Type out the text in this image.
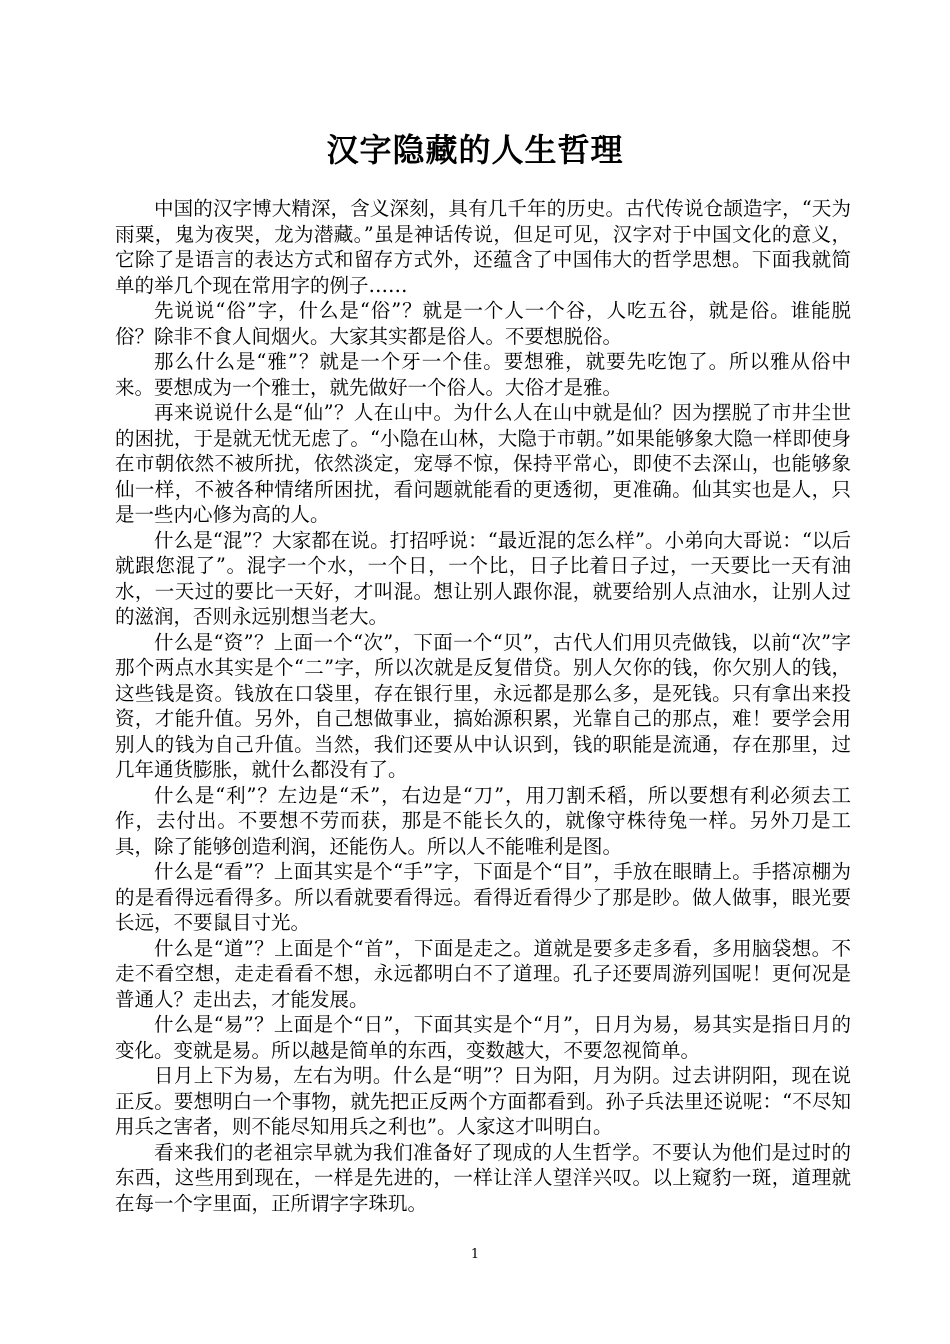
汉字隐藏的人生哲理

中国的汉字博大精深，含义深刻，具有几千年的历史。古代传说仓颉造字，“天为雨粟，鬼为夜哭，龙为潜藏。”虽是神话传说，但足可见，汉字对于中国文化的意义，它除了是语言的表达方式和留存方式外，还蕴含了中国伟大的哲学思想。下面我就简单的举几个现在常用字的例子……

先说说“俗”字，什么是“俗”？就是一个人一个谷，人吃五谷，就是俗。谁能脱俗？除非不食人间烟火。大家其实都是俗人。不要想脱俗。

那么什么是“雅”？就是一个牙一个佳。要想雅，就要先吃饱了。所以雅从俗中来。要想成为一个雅士，就先做好一个俗人。大俗才是雅。

再来说说什么是“仙”？人在山中。为什么人在山中就是仙？因为摆脱了市井尘世的困扰，于是就无忧无虑了。“小隐在山林，大隐于市朝。”如果能够象大隐一样即使身在市朝依然不被所扰，依然淡定，宠辱不惊，保持平常心，即使不去深山，也能够象仙一样，不被各种情绪所困扰，看问题就能看的更透彻，更准确。仙其实也是人，只是一些内心修为高的人。

什么是“混”？大家都在说。打招呼说：“最近混的怎么样”。小弟向大哥说：“以后就跟您混了”。混字一个水，一个日，一个比，日子比着日子过，一天要比一天有油水，一天过的要比一天好，才叫混。想让别人跟你混，就要给别人点油水，让别人过的滋润，否则永远别想当老大。

什么是“资”？上面一个“次”，下面一个“贝”，古代人们用贝壳做钱，以前“次”字那个两点水其实是个“二”字，所以次就是反复借贷。别人欠你的钱，你欠别人的钱，这些钱是资。钱放在口袋里，存在银行里，永远都是那么多，是死钱。只有拿出来投资，才能升值。另外，自己想做事业，搞始源积累，光靠自己的那点，难！要学会用别人的钱为自己升值。当然，我们还要从中认识到，钱的职能是流通，存在那里，过几年通货膨胀，就什么都没有了。

什么是“利”？左边是“禾”，右边是“刀”，用刀割禾稻，所以要想有利必须去工作，去付出。不要想不劳而获，那是不能长久的，就像守株待兔一样。另外刀是工具，除了能够创造利润，还能伤人。所以人不能唯利是图。

什么是“看”？上面其实是个“手”字，下面是个“目”，手放在眼睛上。手搭凉棚为的是看得远看得多。所以看就要看得远。看得近看得少了那是眇。做人做事，眼光要长远，不要鼠目寸光。

什么是“道”？上面是个“首”，下面是走之。道就是要多走多看，多用脑袋想。不走不看空想，走走看看不想，永远都明白不了道理。孔子还要周游列国呢！更何况是普通人？走出去，才能发展。

什么是“易”？上面是个“日”，下面其实是个“月”，日月为易，易其实是指日月的变化。变就是易。所以越是简单的东西，变数越大，不要忽视简单。

日月上下为易，左右为明。什么是“明”？日为阳，月为阴。过去讲阴阳，现在说正反。要想明白一个事物，就先把正反两个方面都看到。孙子兵法里还说呢：“不尽知用兵之害者，则不能尽知用兵之利也”。人家这才叫明白。

看来我们的老祖宗早就为我们准备好了现成的人生哲学。不要认为他们是过时的东西，这些用到现在，一样是先进的，一样让洋人望洋兴叹。以上窥豹一斑，道理就在每一个字里面，正所谓字字珠玑。

1
